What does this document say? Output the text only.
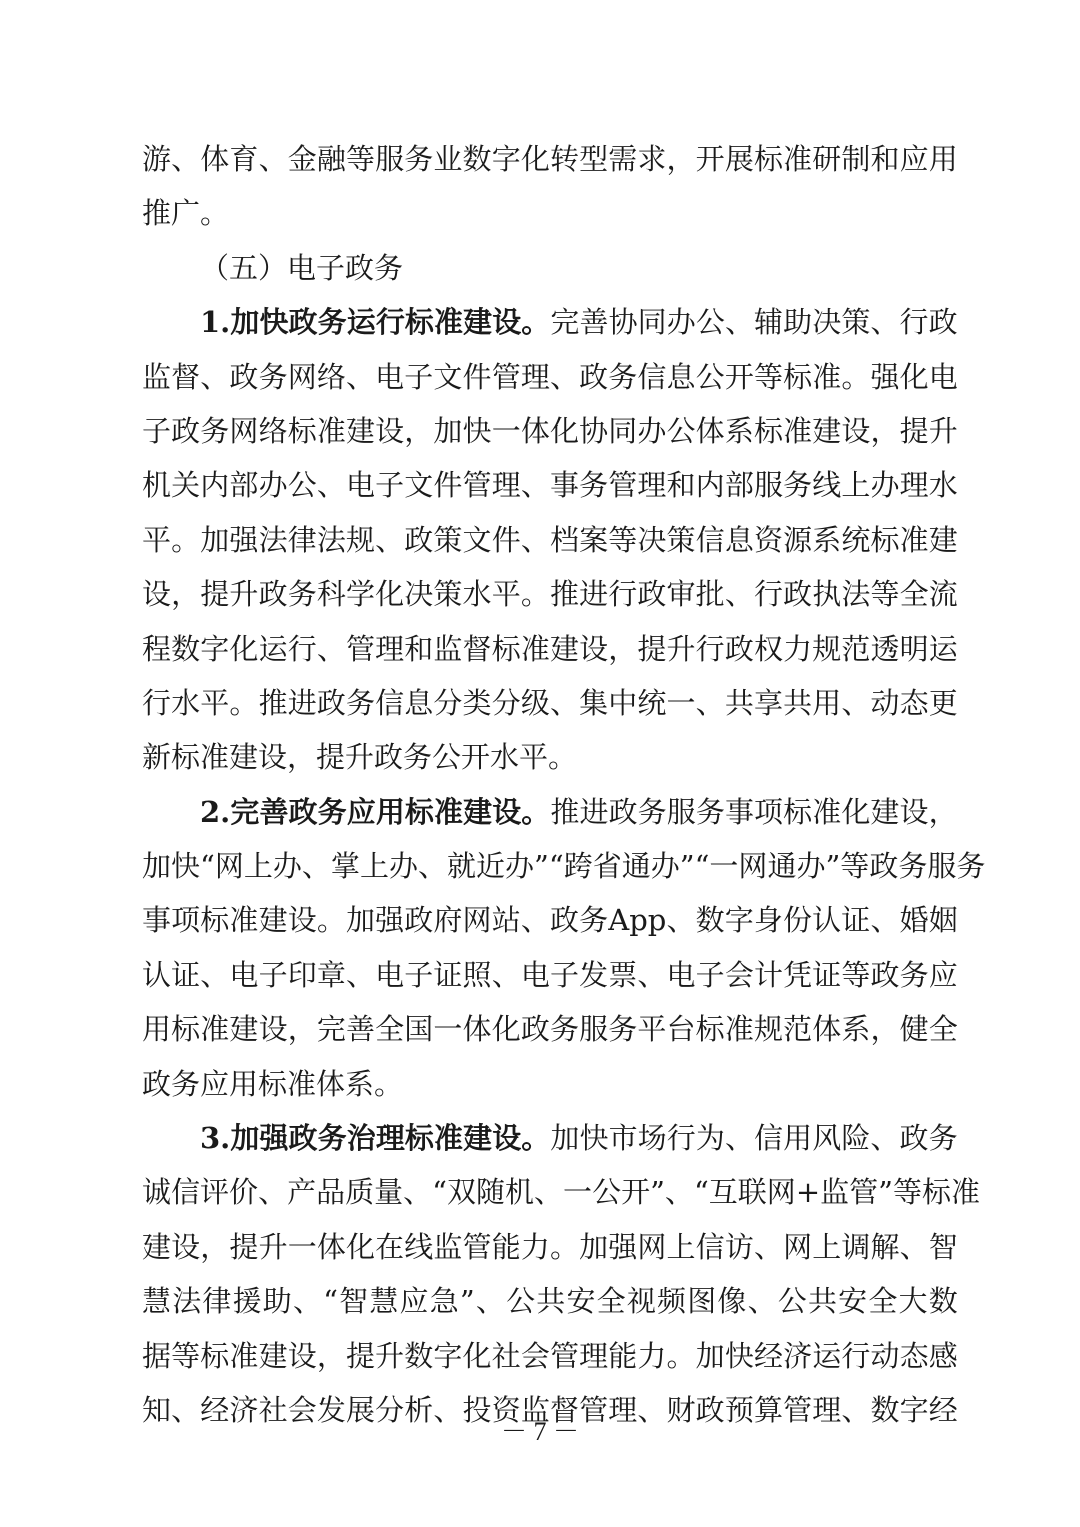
游 、 体 育 、 金 融 等 服 务 业 数 字 化 转 型 需 求 ， 开 展 标 准 研 制 和 应 用
推广。
（五）电子政务
1. 加 快 政 务 运 行 标 准 建 设 。 完 善 协 同 办 公 、 辅 助 决 策 、 行 政
监 督 、 政 务 网 络 、 电 子 文 件 管 理 、 政 务 信 息 公 开 等 标 准 。 强 化 电
子 政 务 网 络 标 准 建 设 ， 加 快 一 体 化 协 同 办 公 体 系 标 准 建 设 ， 提 升
机 关 内 部 办 公 、 电 子 文 件 管 理 、 事 务 管 理 和 内 部 服 务 线 上 办 理 水
平 。 加 强 法 律 法 规 、 政 策 文 件 、 档 案 等 决 策 信 息 资 源 系 统 标 准 建
设 ， 提 升 政 务 科 学 化 决 策 水 平 。 推 进 行 政 审 批 、 行 政 执 法 等 全 流
程 数 字 化 运 行 、 管 理 和 监 督 标 准 建 设 ， 提 升 行 政 权 力 规 范 透 明 运
行 水 平 。 推 进 政 务 信 息 分 类 分 级 、 集 中 统 一 、 共 享 共 用 、 动 态 更
新标准建设，提升政务公开水平。
2. 完 善 政 务 应 用 标 准 建 设 。 推 进 政 务 服 务 事 项 标 准 化 建 设 ，
加 快 “ 网 上 办 、 掌 上 办 、 就 近 办 ” “ 跨 省 通 办 ” “ 一 网 通 办 ” 等 政 务 服 务
事 项 标 准 建 设 。 加 强 政 府 网 站 、 政 务 App 、 数 字 身 份 认 证 、 婚 姻
认 证 、 电 子 印 章 、 电 子 证 照 、 电 子 发 票 、 电 子 会 计 凭 证 等 政 务 应
用 标 准 建 设 ， 完 善 全 国 一 体 化 政 务 服 务 平 台 标 准 规 范 体 系 ， 健 全
政务应用标准体系。
3. 加 强 政 务 治 理 标 准 建 设 。 加 快 市 场 行 为 、 信 用 风 险 、 政 务
诚 信 评 价 、 产 品 质 量 、 “ 双 随 机 、 一 公 开 ” 、 “ 互 联 网 + 监 管 ” 等 标 准
建 设 ， 提 升 一 体 化 在 线 监 管 能 力 。 加 强 网 上 信 访 、 网 上 调 解 、 智
慧 法 律 援 助 、 “ 智 慧 应 急 ” 、 公 共 安 全 视 频 图 像 、 公 共 安 全 大 数
据 等 标 准 建 设 ， 提 升 数 字 化 社 会 管 理 能 力 。 加 快 经 济 运 行 动 态 感
知 、 经 济 社 会 发 展 分 析 、 投 资 监 督 管 理 、 财 政 预 算 管 理 、 数 字 经
－ 7 －
